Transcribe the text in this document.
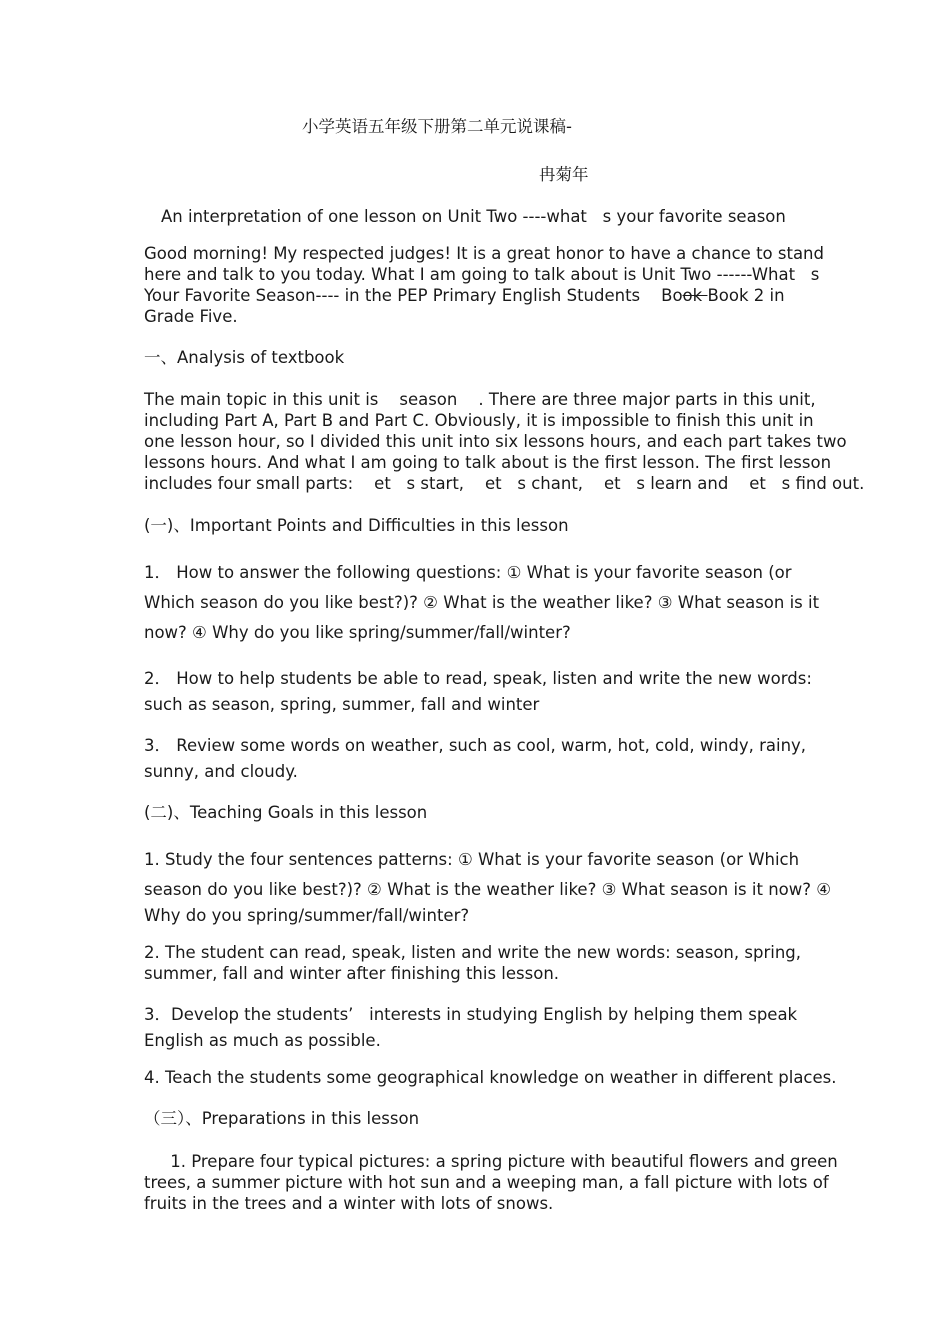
小学英语五年级下册第二单元说课稿-
冉菊年
An interpretation of one lesson on Unit Two ----what   s your favorite season
Good morning! My respected judges! It is a great honor to have a chance to stand
here and talk to you today. What I am going to talk about is Unit Two ------What   s
Your Favorite Season---- in the PEP Primary English Students    Book Book 2 in
Grade Five.
一、Analysis of textbook
The main topic in this unit is    season    . There are three major parts in this unit,
including Part A, Part B and Part C. Obviously, it is impossible to finish this unit in
one lesson hour, so I divided this unit into six lessons hours, and each part takes two
lessons hours. And what I am going to talk about is the first lesson. The first lesson
includes four small parts:    et   s start,    et   s chant,    et   s learn and    et   s find out.
(一)、Important Points and Difficulties in this lesson
1． How to answer the following questions: ① What is your favorite season (or
Which season do you like best?)? ② What is the weather like? ③ What season is it
now? ④ Why do you like spring/summer/fall/winter?
2． How to help students be able to read, speak, listen and write the new words:
such as season, spring, summer, fall and winter
3． Review some words on weather, such as cool, warm, hot, cold, windy, rainy,
sunny, and cloudy.
(二)、Teaching Goals in this lesson
1. Study the four sentences patterns: ① What is your favorite season (or Which
season do you like best?)? ② What is the weather like? ③ What season is it now? ④
Why do you spring/summer/fall/winter?
2. The student can read, speak, listen and write the new words: season, spring,
summer, fall and winter after finishing this lesson.
3．Develop the students’   interests in studying English by helping them speak
English as much as possible.
4. Teach the students some geographical knowledge on weather in different places.
（三）、Preparations in this lesson
1. Prepare four typical pictures: a spring picture with beautiful flowers and green
trees, a summer picture with hot sun and a weeping man, a fall picture with lots of
fruits in the trees and a winter with lots of snows.
